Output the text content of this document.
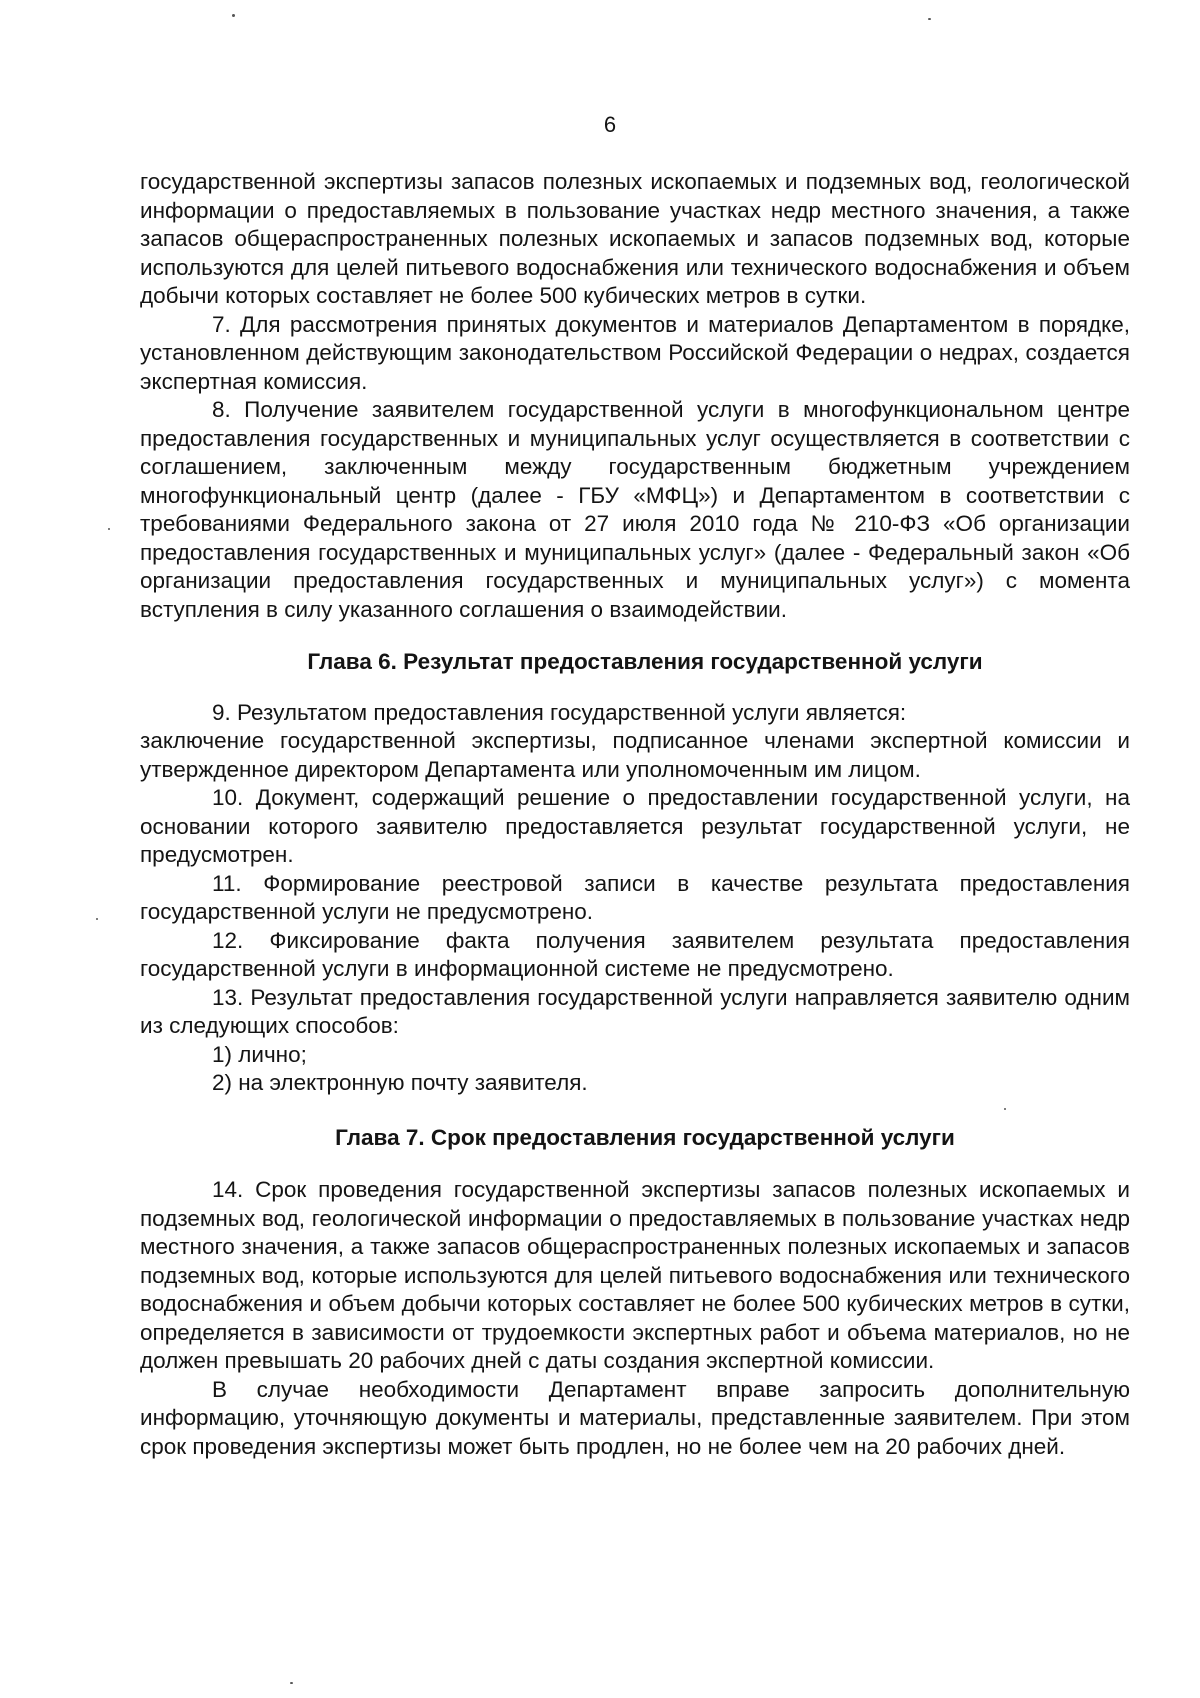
6

государственной экспертизы запасов полезных ископаемых и подземных вод, геологической информации о предоставляемых в пользование участках недр местного значения, а также запасов общераспространенных полезных ископаемых и запасов подземных вод, которые используются для целей питьевого водоснабжения или технического водоснабжения и объем добычи которых составляет не более 500 кубических метров в сутки.

7. Для рассмотрения принятых документов и материалов Департаментом в порядке, установленном действующим законодательством Российской Федерации о недрах, создается экспертная комиссия.

8. Получение заявителем государственной услуги в многофункциональном центре предоставления государственных и муниципальных услуг осуществляется в соответствии с соглашением, заключенным между государственным бюджетным учреждением многофункциональный центр (далее - ГБУ «МФЦ») и Департаментом в соответствии с требованиями Федерального закона от 27 июля 2010 года № 210-ФЗ «Об организации предоставления государственных и муниципальных услуг» (далее - Федеральный закон «Об организации предоставления государственных и муниципальных услуг») с момента вступления в силу указанного соглашения о взаимодействии.

Глава 6. Результат предоставления государственной услуги

9. Результатом предоставления государственной услуги является:

заключение государственной экспертизы, подписанное членами экспертной комиссии и утвержденное директором Департамента или уполномоченным им лицом.

10. Документ, содержащий решение о предоставлении государственной услуги, на основании которого заявителю предоставляется результат государственной услуги, не предусмотрен.

11. Формирование реестровой записи в качестве результата предоставления государственной услуги не предусмотрено.

12. Фиксирование факта получения заявителем результата предоставления государственной услуги в информационной системе не предусмотрено.

13. Результат предоставления государственной услуги направляется заявителю одним из следующих способов:

1) лично;

2) на электронную почту заявителя.

Глава 7. Срок предоставления государственной услуги

14. Срок проведения государственной экспертизы запасов полезных ископаемых и подземных вод, геологической информации о предоставляемых в пользование участках недр местного значения, а также запасов общераспространенных полезных ископаемых и запасов подземных вод, которые используются для целей питьевого водоснабжения или технического водоснабжения и объем добычи которых составляет не более 500 кубических метров в сутки, определяется в зависимости от трудоемкости экспертных работ и объема материалов, но не должен превышать 20 рабочих дней с даты создания экспертной комиссии.

В случае необходимости Департамент вправе запросить дополнительную информацию, уточняющую документы и материалы, представленные заявителем. При этом срок проведения экспертизы может быть продлен, но не более чем на 20 рабочих дней.
